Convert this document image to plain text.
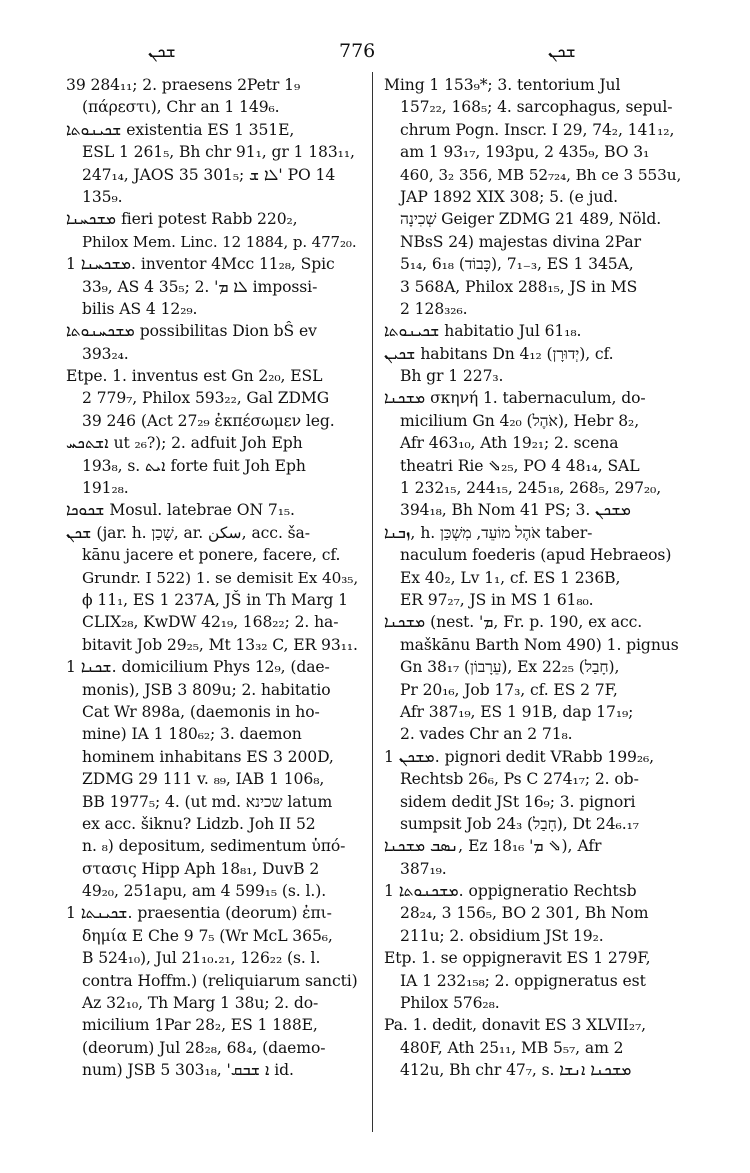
ܫܟܢ	776	ܫܟܢ
39 284₁₁; 2. praesens 2Petr 1₉
(πάρεστι), Chr an 1 149₆.
ܫܟܝܢܘܬܐ existentia ES 1 351E,
ESL 1 261₅, Bh chr 91₁, gr 1 183₁₁,
247₁₄, JAOS 35 301₅; ܠܐ ܫ' PO 14
135₉.
ܡܫܟܚܢܐ fieri potest Rabb 220₂,
Philox Mem. Linc. 12 1884, p. 477₂₀.
ܡܫܟܚܢܐ 1. inventor 4Mcc 11₂₈, Spic
33₉, AS 4 35₅; 2. 'ܠܐ ܡ impossi-
bilis AS 4 12₂₉.
ܡܫܟܚܢܘܬܐ possibilitas Dion bŜ ev
393₂₄.
Etpe. 1. inventus est Gn 2₂₀, ESL
2 779₇, Philox 593₂₂, Gal ZDMG
39 246 (Act 27₂₉ ἐκπέσωμεν leg.
ܐܫܬܟܚ ut ₂₆?); 2. adfuit Joh Eph
193₈, s. ܐܝܬ forte fuit Joh Eph
191₂₈.
ܫܟܘܟܐ Mosul. latebrae ON 7₁₅.
ܫܟܢ (jar. h. שָׁכַן, ar. سكن, acc. ša-
kānu jacere et ponere, facere, cf.
Grundr. I 522) 1. se demisit Ex 40₃₅,
ϕ 11₁, ES 1 237A, JŠ in Th Marg 1
CLIX₂₈, KwDW 42₁₉, 168₂₂; 2. ha-
bitavit Job 29₂₅, Mt 13₃₂ C, ER 93₁₁.
ܫܟܢܐ 1. domicilium Phys 12₉, (dae-
monis), JSB 3 809u; 2. habitatio
Cat Wr 898a, (daemonis in ho-
mine) IA 1 180₆₂; 3. daemon
hominem inhabitans ES 3 200D,
ZDMG 29 111 v. ₈₉, IAB 1 106₈,
BB 1977₅; 4. (ut md. שכינא latum
ex acc. šiknu? Lidzb. Joh II 52
n. ₈) depositum, sedimentum ὑπό-
στασις Hipp Aph 18₈₁, DuvB 2
49₂₀, 251apu, am 4 599₁₅ (s. l.).
ܫܟܝܢܬܐ 1. praesentia (deorum) ἐπι-
δημία E Che 9 7₅ (Wr McL 365₆,
B 524₁₀), Jul 21₁₀.₂₁, 126₂₂ (s. l.
contra Hoffm.) (reliquiarum sancti)
Az 32₁₀, Th Marg 1 38u; 2. do-
micilium 1Par 28₂, ES 1 188E,
(deorum) Jul 28₂₈, 68₄, (daemo-
num) JSB 5 303₁₈, 'ܐ ܫܒܩ id.
Ming 1 153₉*; 3. tentorium Jul
157₂₂, 168₅; 4. sarcophagus, sepul-
chrum Pogn. Inscr. I 29, 74₂, 141₁₂,
am 1 93₁₇, 193pu, 2 435₉, BO 3₁
460, 3₂ 356, MB 52₇₂₄, Bh ce 3 553u,
JAP 1892 XIX 308; 5. (e jud.
שְׁכִינָה Geiger ZDMG 21 489, Nöld.
NBsS 24) majestas divina 2Par
5₁₄, 6₁₈ (כָּבוֹד), 7₁₋₃, ES 1 345A,
3 568A, Philox 288₁₅, JS in MS
2 128₃₂₆.
ܫܟܝܢܘܬܐ habitatio Jul 61₁₈.
ܫܟܝܢ habitans Dn 4₁₂ (יְדוּרָן), cf.
Bh gr 1 227₃.
ܡܫܟܢܐ σκηνή 1. tabernaculum, do-
micilium Gn 4₂₀ (אֹהֶל), Hebr 8₂,
Afr 463₁₀, Ath 19₂₁; 2. scena
theatri Rie ⇘₂₅, PO 4 48₁₄, SAL
1 232₁₅, 244₁₅, 245₁₈, 268₅, 297₂₀,
394₁₈, Bh Nom 41 PS; 3. ܡܫܟܢ
ܙܒܢܐ, h. אֹהֶל מוֹעֵד, מִשְׁכַּן taber-
naculum foederis (apud Hebraeos)
Ex 40₂, Lv 1₁, cf. ES 1 236B,
ER 97₂₇, JS in MS 1 61₈₀.
ܡܫܟܢܐ (nest. 'ܡ, Fr. p. 190, ex acc.
maškānu Barth Nom 490) 1. pignus
Gn 38₁₇ (עֵרָבוֹן), Ex 22₂₅ (חָבַל),
Pr 20₁₆, Job 17₃, cf. ES 2 7F,
Afr 387₁₉, ES 1 91B, dap 17₁₉;
2. vades Chr an 2 71₈.
ܡܫܟܢ 1. pignori dedit VRabb 199₂₆,
Rechtsb 26₆, Ps C 274₁₇; 2. ob-
sidem dedit JSt 16₉; 3. pignori
sumpsit Job 24₃ (חָבַל), Dt 24₆.₁₇
ܢܣܒ ܡܫܟܢܐ, Ez 18₁₆ 'ܡ ⇘), Afr
387₁₉.
ܡܫܟܢܘܬܐ 1. oppigneratio Rechtsb
28₂₄, 3 156₅, BO 2 301, Bh Nom
211u; 2. obsidium JSt 19₂.
Etp. 1. se oppigneravit ES 1 279F,
IA 1 232₁₅₈; 2. oppigneratus est
Philox 576₂₈.
Pa. 1. dedit, donavit ES 3 XLVII₂₇,
480F, Ath 25₁₁, MB 5₅₇, am 2
412u, Bh chr 47₇, s. ܡܫܟܢܐ ܐܢܫܐ
